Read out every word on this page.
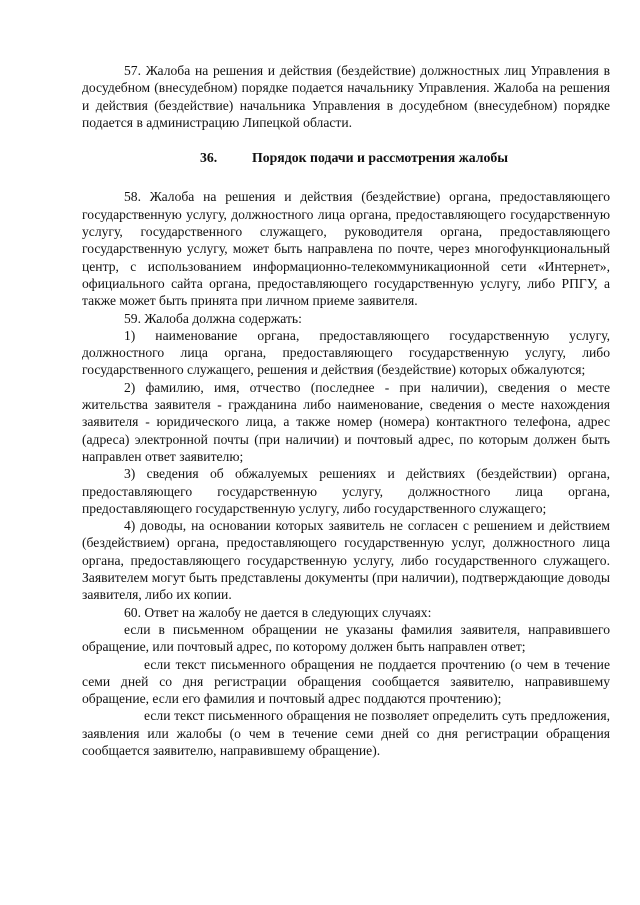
57. Жалоба на решения и действия (бездействие) должностных лиц Управления в досудебном (внесудебном) порядке подается начальнику Управления. Жалоба на решения и действия (бездействие) начальника Управления в досудебном (внесудебном) порядке подается в администрацию Липецкой области.

36.	Порядок подачи и рассмотрения жалобы

58. Жалоба на решения и действия (бездействие) органа, предоставляющего государственную услугу, должностного лица органа, предоставляющего государственную услугу, государственного служащего, руководителя органа, предоставляющего государственную услугу, может быть направлена по почте, через многофункциональный центр, с использованием информационно-телекоммуникационной сети «Интернет», официального сайта органа, предоставляющего государственную услугу, либо РПГУ, а также может быть принята при личном приеме заявителя.

59. Жалоба должна содержать:

1) наименование органа, предоставляющего государственную услугу, должностного лица органа, предоставляющего государственную услугу, либо государственного служащего, решения и действия (бездействие) которых обжалуются;

2) фамилию, имя, отчество (последнее - при наличии), сведения о месте жительства заявителя - гражданина либо наименование, сведения о месте нахождения заявителя - юридического лица, а также номер (номера) контактного телефона, адрес (адреса) электронной почты (при наличии) и почтовый адрес, по которым должен быть направлен ответ заявителю;

3) сведения об обжалуемых решениях и действиях (бездействии) органа, предоставляющего государственную услугу, должностного лица органа, предоставляющего государственную услугу, либо государственного служащего;

4) доводы, на основании которых заявитель не согласен с решением и действием (бездействием) органа, предоставляющего государственную услуг, должностного лица органа, предоставляющего государственную услугу, либо государственного служащего. Заявителем могут быть представлены документы (при наличии), подтверждающие доводы заявителя, либо их копии.

60. Ответ на жалобу не дается в следующих случаях:

если в письменном обращении не указаны фамилия заявителя, направившего обращение, или почтовый адрес, по которому должен быть направлен ответ;

если текст письменного обращения не поддается прочтению (о чем в течение семи дней со дня регистрации обращения сообщается заявителю, направившему обращение, если его фамилия и почтовый адрес поддаются прочтению);

если текст письменного обращения не позволяет определить суть предложения, заявления или жалобы (о чем в течение семи дней со дня регистрации обращения сообщается заявителю, направившему обращение).
